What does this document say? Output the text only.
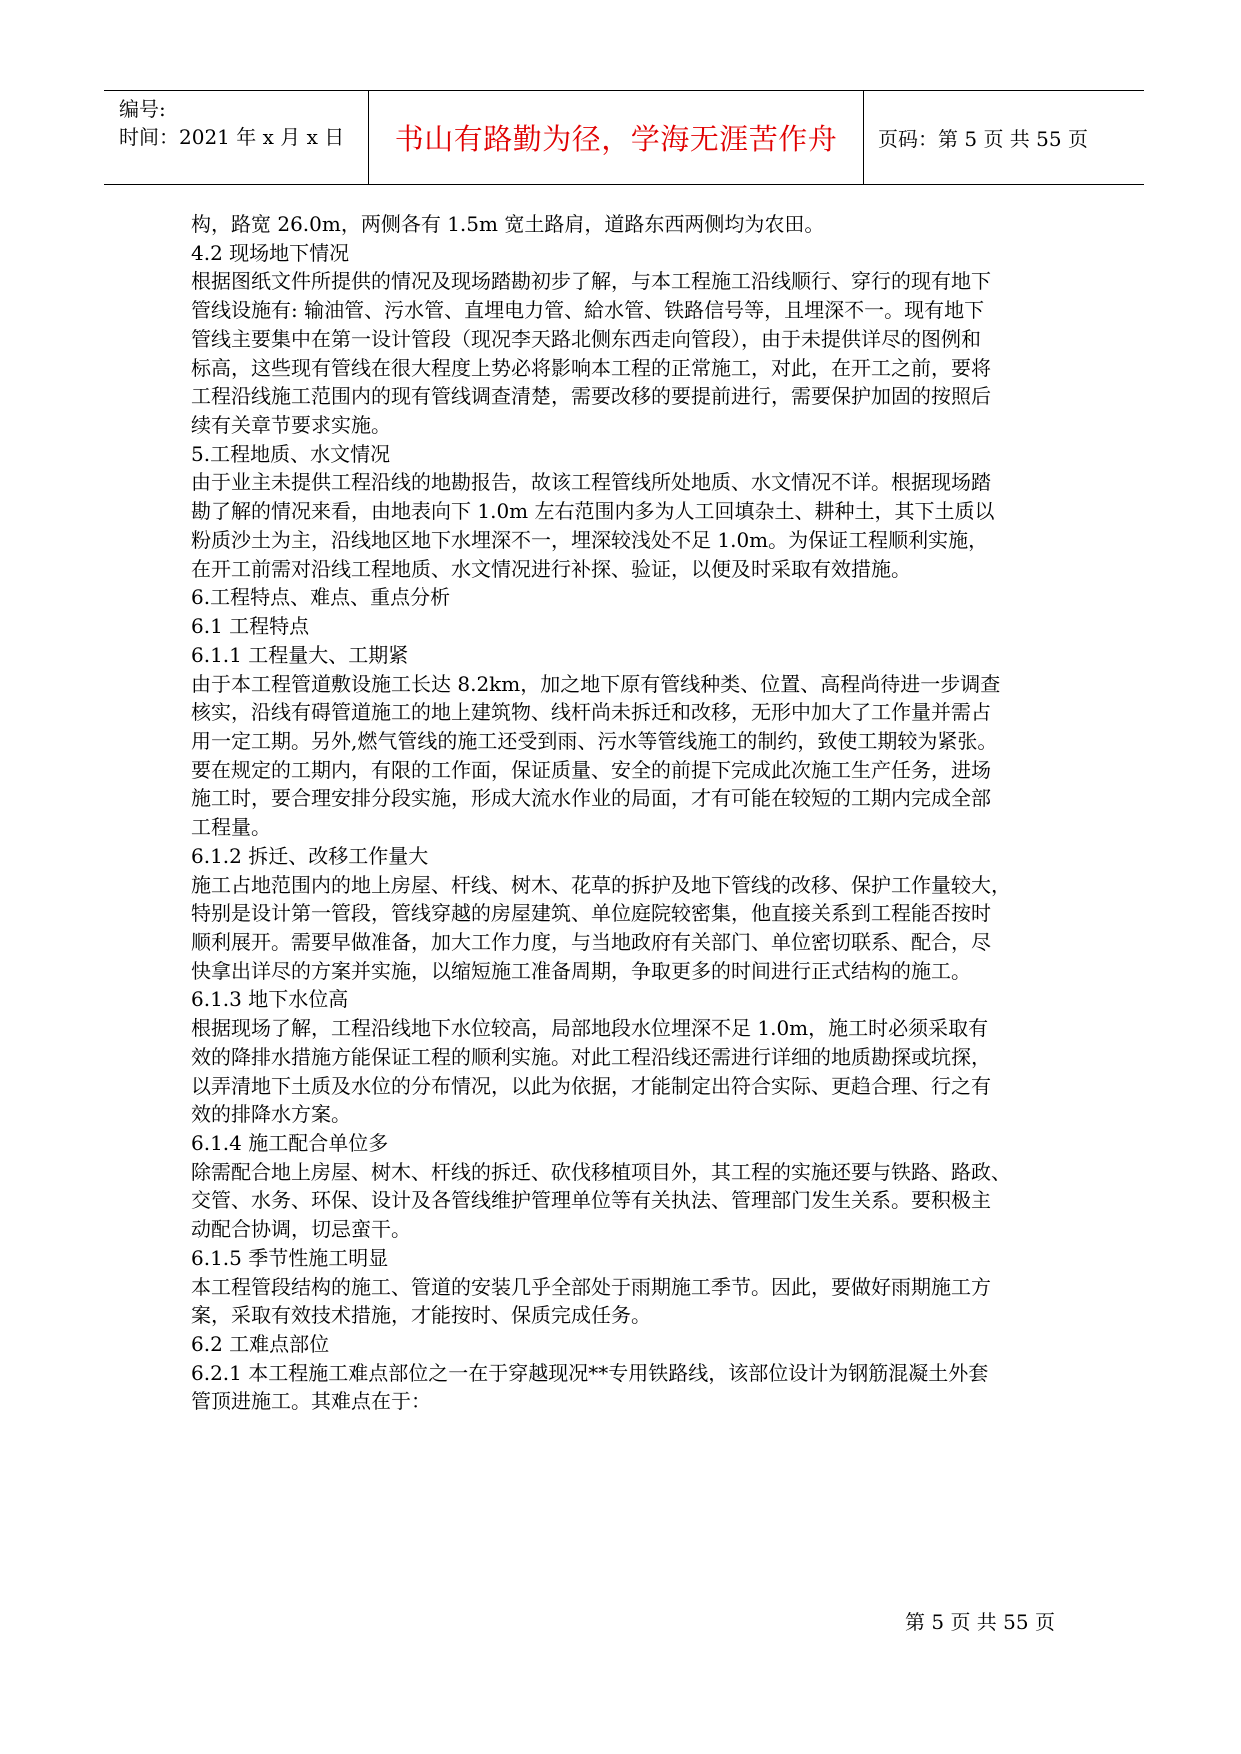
编号:
时间：2021 年 x 月 x 日 书山有路勤为径，学海无涯苦作舟 页码：第 5 页 共 55 页
构，路宽 26.0m，两侧各有 1.5m 宽土路肩，道路东西两侧均为农田。
4.2 现场地下情况
根据图纸文件所提供的情况及现场踏勘初步了解，与本工程施工沿线顺行、穿行的现有地下
管线设施有: 输油管、污水管、直埋电力管、給水管、铁路信号等，且埋深不一。现有地下
管线主要集中在第一设计管段（现况李天路北侧东西走向管段），由于未提供详尽的图例和
标高，这些现有管线在很大程度上势必将影响本工程的正常施工，对此，在开工之前，要将
工程沿线施工范围内的现有管线调查清楚，需要改移的要提前进行，需要保护加固的按照后
续有关章节要求实施。
5.工程地质、水文情况
由于业主未提供工程沿线的地勘报告，故该工程管线所处地质、水文情况不详。根据现场踏
勘了解的情况来看，由地表向下 1.0m 左右范围内多为人工回填杂土、耕种土，其下土质以
粉质沙土为主，沿线地区地下水埋深不一，埋深较浅处不足 1.0m。为保证工程顺利实施，
在开工前需对沿线工程地质、水文情况进行补探、验证，以便及时采取有效措施。
6.工程特点、难点、重点分析
6.1 工程特点
6.1.1 工程量大、工期紧
由于本工程管道敷设施工长达 8.2km，加之地下原有管线种类、位置、高程尚待进一步调查
核实，沿线有碍管道施工的地上建筑物、线杆尚未拆迁和改移，无形中加大了工作量并需占
用一定工期。另外,燃气管线的施工还受到雨、污水等管线施工的制约，致使工期较为紧张。
要在规定的工期内，有限的工作面，保证质量、安全的前提下完成此次施工生产任务，进场
施工时，要合理安排分段实施，形成大流水作业的局面，才有可能在较短的工期内完成全部
工程量。
6.1.2 拆迁、改移工作量大
施工占地范围内的地上房屋、杆线、树木、花草的拆护及地下管线的改移、保护工作量较大，
特别是设计第一管段，管线穿越的房屋建筑、单位庭院较密集，他直接关系到工程能否按时
顺利展开。需要早做准备，加大工作力度，与当地政府有关部门、单位密切联系、配合，尽
快拿出详尽的方案并实施，以缩短施工准备周期，争取更多的时间进行正式结构的施工。
6.1.3 地下水位高
根据现场了解，工程沿线地下水位较高，局部地段水位埋深不足 1.0m，施工时必须采取有
效的降排水措施方能保证工程的顺利实施。对此工程沿线还需进行详细的地质勘探或坑探，
以弄清地下土质及水位的分布情况，以此为依据，才能制定出符合实际、更趋合理、行之有
效的排降水方案。
6.1.4 施工配合单位多
除需配合地上房屋、树木、杆线的拆迁、砍伐移植项目外，其工程的实施还要与铁路、路政、
交管、水务、环保、设计及各管线维护管理单位等有关执法、管理部门发生关系。要积极主
动配合协调，切忌蛮干。
6.1.5 季节性施工明显
本工程管段结构的施工、管道的安装几乎全部处于雨期施工季节。因此，要做好雨期施工方
案，采取有效技术措施，才能按时、保质完成任务。
6.2 工难点部位
6.2.1 本工程施工难点部位之一在于穿越现况**专用铁路线，该部位设计为钢筋混凝土外套
管顶进施工。其难点在于：
第 5 页 共 55 页
